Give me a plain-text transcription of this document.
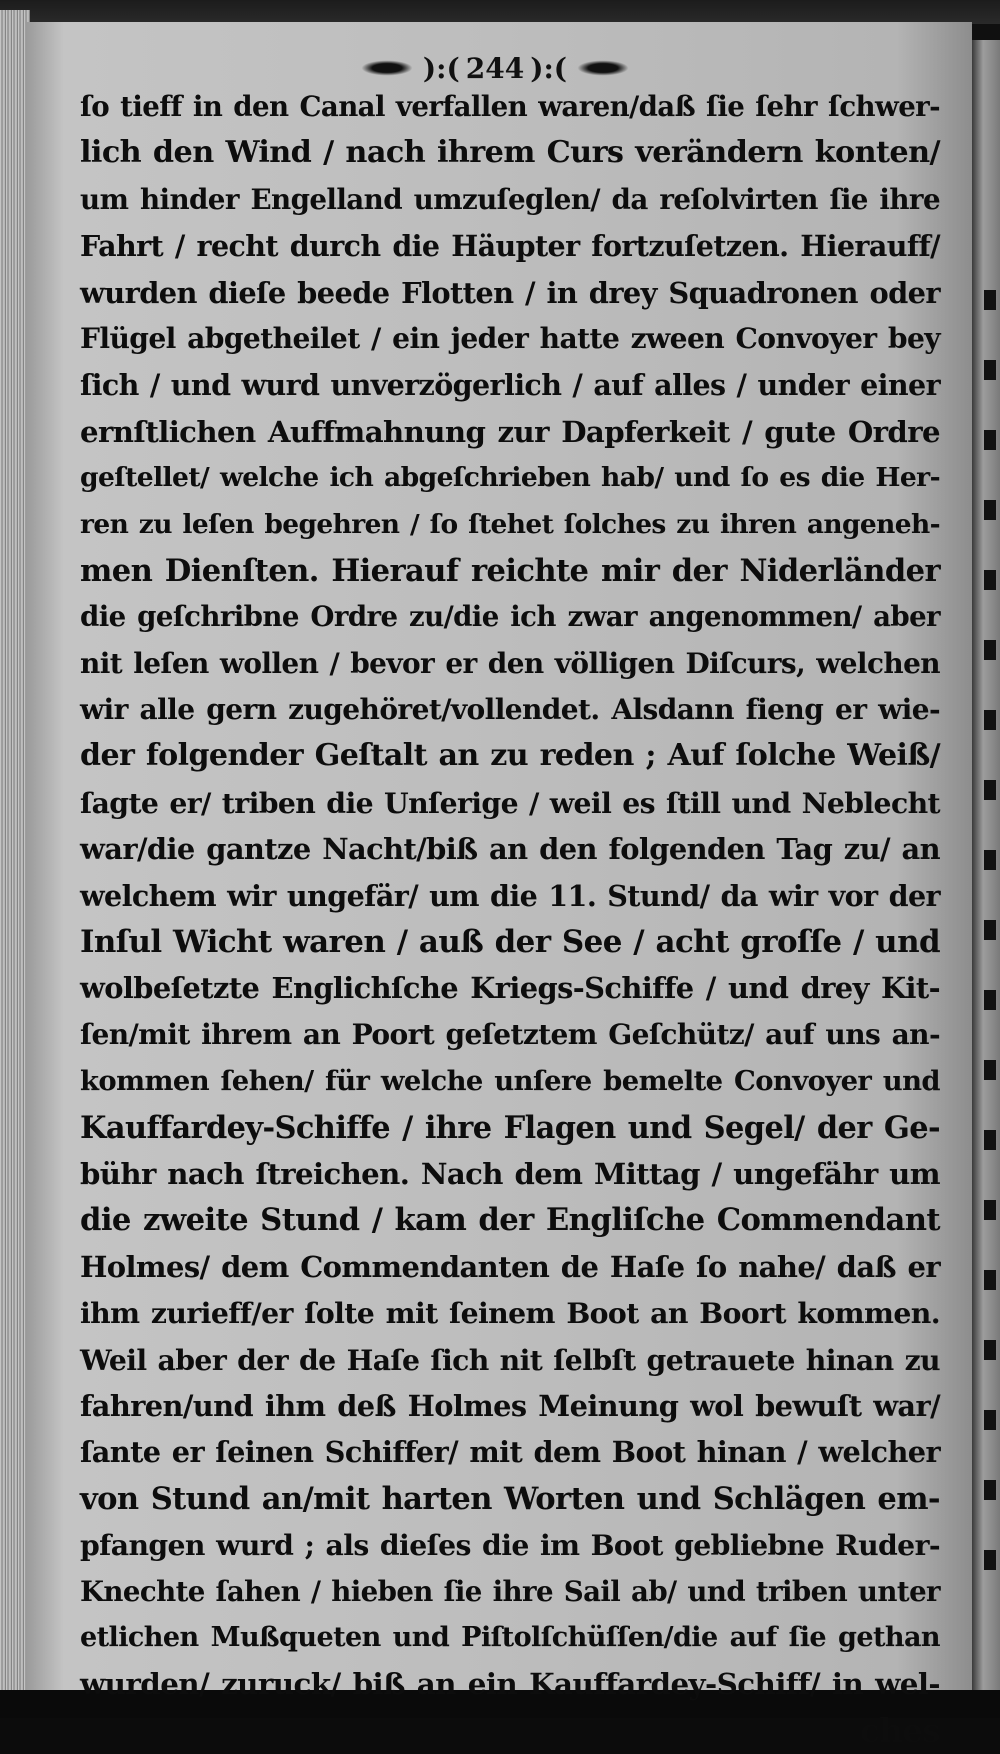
):( 244 ):(
ſo tieff in den Canal verfallen waren/daß ſie ſehr ſchwer-
lich den Wind / nach ihrem Curs verändern konten/
um hinder Engelland umzuſeglen/ da reſolvirten ſie ihre
Fahrt / recht durch die Häupter fortzuſetzen. Hierauff/
wurden dieſe beede Flotten / in drey Squadronen oder
Flügel abgetheilet / ein jeder hatte zween Convoyer bey
ſich / und wurd unverzögerlich / auf alles / under einer
ernſtlichen Auffmahnung zur Dapferkeit / gute Ordre
geſtellet/ welche ich abgeſchrieben hab/ und ſo es die Her-
ren zu leſen begehren / ſo ſtehet ſolches zu ihren angeneh-
men Dienſten. Hierauf reichte mir der Niderländer
die geſchribne Ordre zu/die ich zwar angenommen/ aber
nit leſen wollen / bevor er den völligen Diſcurs, welchen
wir alle gern zugehöret/vollendet. Alsdann fieng er wie-
der folgender Geſtalt an zu reden ; Auf ſolche Weiß/
ſagte er/ triben die Unſerige / weil es ſtill und Neblecht
war/die gantze Nacht/biß an den folgenden Tag zu/ an
welchem wir ungefär/ um die 11. Stund/ da wir vor der
Inſul Wicht waren / auß der See / acht groſſe / und
wolbeſetzte Englichſche Kriegs-Schiffe / und drey Kit-
ſen/mit ihrem an Poort geſetztem Geſchütz/ auf uns an-
kommen ſehen/ für welche unſere bemelte Convoyer und
Kauffardey-Schiffe / ihre Flagen und Segel/ der Ge-
bühr nach ſtreichen. Nach dem Mittag / ungefähr um
die zweite Stund / kam der Engliſche Commendant
Holmes/ dem Commendanten de Haſe ſo nahe/ daß er
ihm zurieff/er ſolte mit ſeinem Boot an Boort kommen.
Weil aber der de Haſe ſich nit ſelbſt getrauete hinan zu
fahren/und ihm deß Holmes Meinung wol bewuſt war/
ſante er ſeinen Schiffer/ mit dem Boot hinan / welcher
von Stund an/mit harten Worten und Schlägen em-
pfangen wurd ; als dieſes die im Boot gebliebne Ruder-
Knechte ſahen / hieben ſie ihre Sail ab/ und triben unter
etlichen Mußqueten und Piſtolſchüſſen/die auf ſie gethan
wurden/ zuruck/ biß an ein Kauffardey-Schiff/ in wel-
ches
